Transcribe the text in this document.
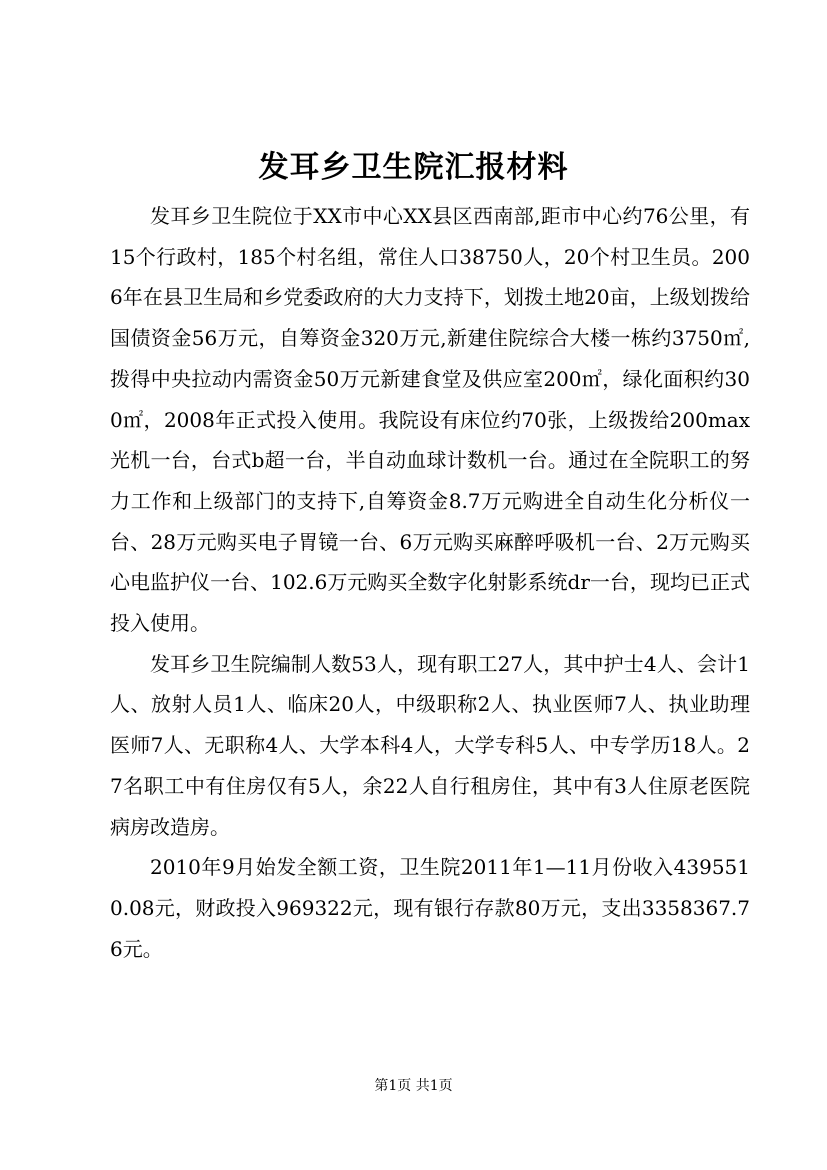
发耳乡卫生院汇报材料

发耳乡卫生院位于XX市中心XX县区西南部,距市中心约76公里，有15个行政村，185个村名组，常住人口38750人，20个村卫生员。2006年在县卫生局和乡党委政府的大力支持下，划拨土地20亩，上级划拨给国债资金56万元，自筹资金320万元,新建住院综合大楼一栋约3750㎡,拨得中央拉动内需资金50万元新建食堂及供应室200㎡，绿化面积约300㎡，2008年正式投入使用。我院设有床位约70张，上级拨给200max光机一台，台式b超一台，半自动血球计数机一台。通过在全院职工的努力工作和上级部门的支持下,自筹资金8.7万元购进全自动生化分析仪一台、28万元购买电子胃镜一台、6万元购买麻醉呼吸机一台、2万元购买心电监护仪一台、102.6万元购买全数字化射影系统dr一台，现均已正式投入使用。

发耳乡卫生院编制人数53人，现有职工27人，其中护士4人、会计1人、放射人员1人、临床20人，中级职称2人、执业医师7人、执业助理医师7人、无职称4人、大学本科4人，大学专科5人、中专学历18人。27名职工中有住房仅有5人，余22人自行租房住，其中有3人住原老医院病房改造房。

2010年9月始发全额工资，卫生院2011年1—11月份收入4395510.08元，财政投入969322元，现有银行存款80万元，支出3358367.76元。

第1页 共1页
